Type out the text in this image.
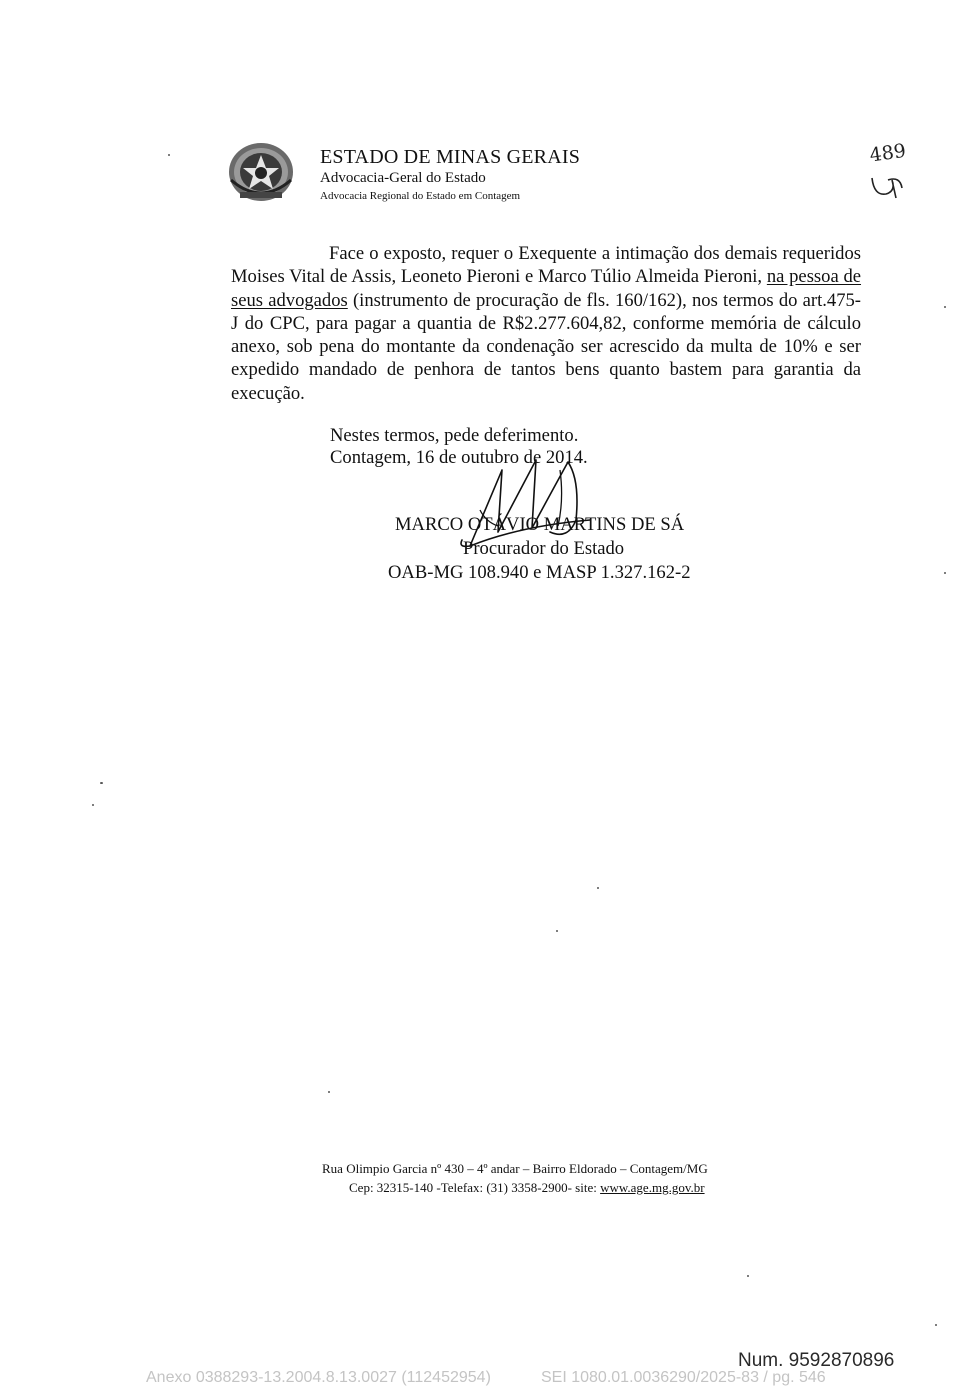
ESTADO DE MINAS GERAIS
Advocacia-Geral do Estado
Advocacia Regional do Estado em Contagem
489
Face o exposto, requer o Exequente a intimação dos demais requeridos Moises Vital de Assis, Leoneto Pieroni e Marco Túlio Almeida Pieroni, na pessoa de seus advogados (instrumento de procuração de fls. 160/162), nos termos do art.475-J do CPC, para pagar a quantia de R$2.277.604,82, conforme memória de cálculo anexo, sob pena do montante da condenação ser acrescido da multa de 10% e ser expedido mandado de penhora de tantos bens quanto bastem para garantia da execução.
Nestes termos, pede deferimento.
Contagem, 16 de outubro de 2014.
MARCO OTÁVIO MARTINS DE SÁ
Procurador do Estado
OAB-MG 108.940 e MASP 1.327.162-2
Rua Olimpio Garcia nº 430 – 4º andar – Bairro Eldorado – Contagem/MG
Cep: 32315-140 -Telefax: (31) 3358-2900- site: www.age.mg.gov.br
Num. 9592870896
Anexo 0388293-13.2004.8.13.0027 (112452954)	SEI 1080.01.0036290/2025-83 / pg. 546
